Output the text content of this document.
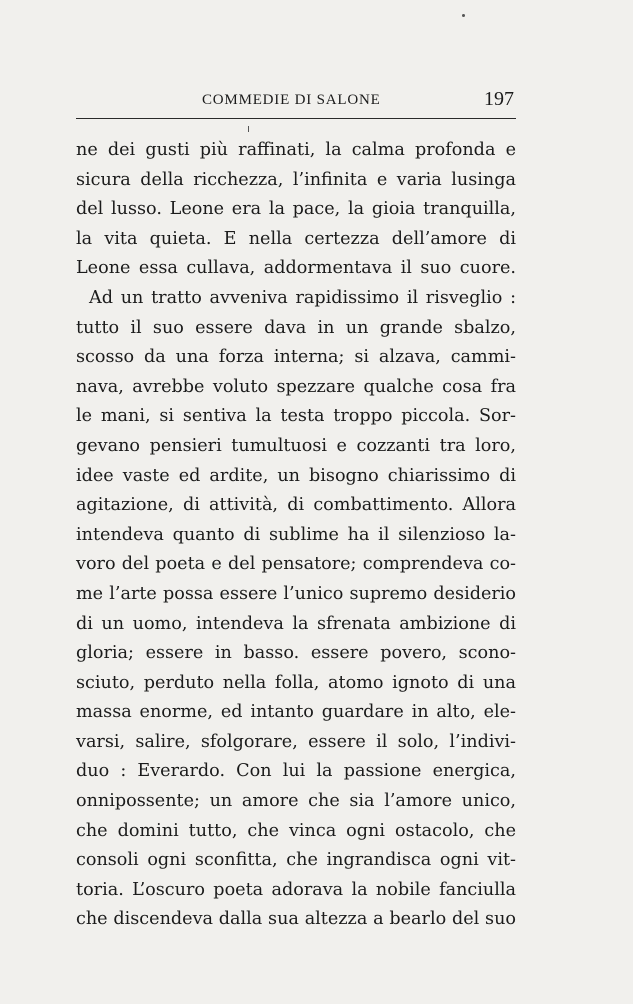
COMMEDIE DI SALONE	197
ne dei gusti più raffinati, la calma profonda e
sicura della ricchezza, l’infinita e varia lusinga
del lusso. Leone era la pace, la gioia tranquilla,
la vita quieta. E nella certezza dell’amore di
Leone essa cullava, addormentava il suo cuore.
Ad un tratto avveniva rapidissimo il risveglio :
tutto il suo essere dava in un grande sbalzo,
scosso da una forza interna; si alzava, cammi-
nava, avrebbe voluto spezzare qualche cosa fra
le mani, si sentiva la testa troppo piccola. Sor-
gevano pensieri tumultuosi e cozzanti tra loro,
idee vaste ed ardite, un bisogno chiarissimo di
agitazione, di attività, di combattimento. Allora
intendeva quanto di sublime ha il silenzioso la-
voro del poeta e del pensatore; comprendeva co-
me l’arte possa essere l’unico supremo desiderio
di un uomo, intendeva la sfrenata ambizione di
gloria; essere in basso. essere povero, scono-
sciuto, perduto nella folla, atomo ignoto di una
massa enorme, ed intanto guardare in alto, ele-
varsi, salire, sfolgorare, essere il solo, l’indivi-
duo : Everardo. Con lui la passione energica,
onnipossente; un amore che sia l’amore unico,
che domini tutto, che vinca ogni ostacolo, che
consoli ogni sconfitta, che ingrandisca ogni vit-
toria. L’oscuro poeta adorava la nobile fanciulla
che discendeva dalla sua altezza a bearlo del suo
